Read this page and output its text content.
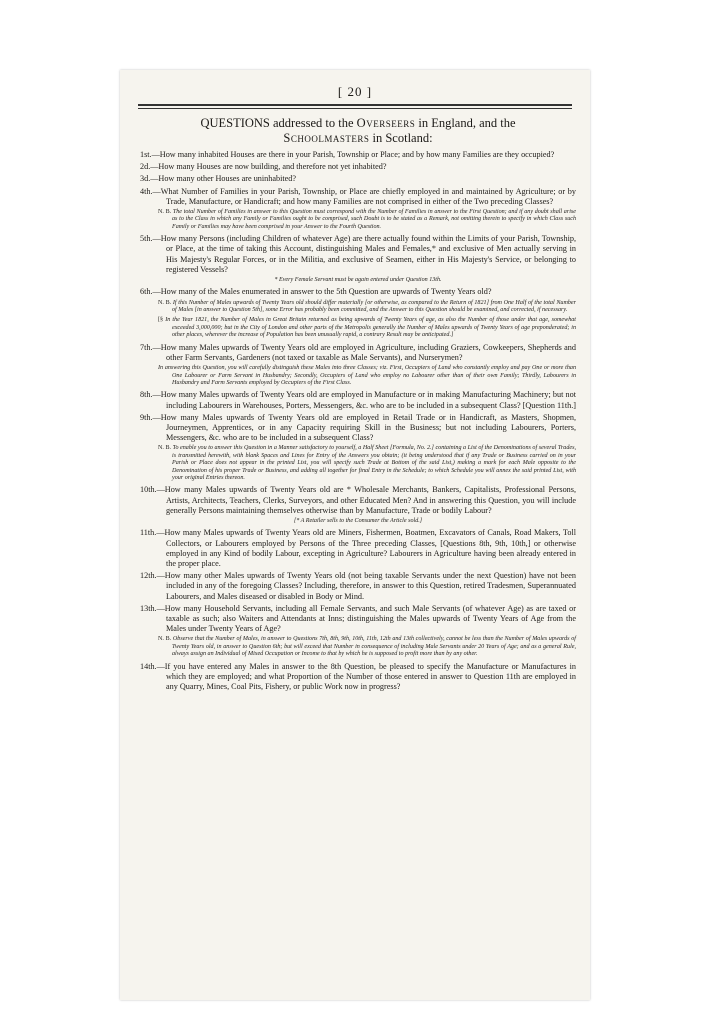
[ 20 ]
QUESTIONS addressed to the Overseers in England, and the
Schoolmasters in Scotland:

1st.—How many inhabited Houses are there in your Parish, Township or Place; and by how many Families are they occupied?

2d.—How many Houses are now building, and therefore not yet inhabited?

3d.—How many other Houses are uninhabited?

4th.—What Number of Families in your Parish, Township, or Place are chiefly employed in and maintained by Agriculture; or by Trade, Manufacture, or Handicraft; and how many Families are not comprised in either of the Two preceding Classes?

N. B. The total Number of Families in answer to this Question must correspond with the Number of Families in answer to the First Question; and if any doubt shall arise as to the Class in which any Family or Families ought to be comprised, such Doubt is to be stated as a Remark, not omitting therein to specify in which Class such Family or Families may have been comprised in your Answer to the Fourth Question.

5th.—How many Persons (including Children of whatever Age) are there actually found within the Limits of your Parish, Township, or Place, at the time of taking this Account, distinguishing Males and Females,* and exclusive of Men actually serving in His Majesty's Regular Forces, or in the Militia, and exclusive of Seamen, either in His Majesty's Service, or belonging to registered Vessels?

* Every Female Servant must be again entered under Question 13th.

6th.—How many of the Males enumerated in answer to the 5th Question are upwards of Twenty Years old?

N. B. If this Number of Males upwards of Twenty Years old should differ materially [or otherwise, as compared to the Return of 1821] from One Half of the total Number of Males [in answer to Question 5th], some Error has probably been committed, and the Answer to this Question should be examined, and corrected, if necessary.

[§ In the Year 1821, the Number of Males in Great Britain returned as being upwards of Twenty Years of age, as also the Number of those under that age, somewhat exceeded 3,000,000; but in the City of London and other parts of the Metropolis generally the Number of Males upwards of Twenty Years of age preponderated; in other places, wherever the increase of Population has been unusually rapid, a contrary Result may be anticipated.]

7th.—How many Males upwards of Twenty Years old are employed in Agriculture, including Graziers, Cowkeepers, Shepherds and other Farm Servants, Gardeners (not taxed or taxable as Male Servants), and Nurserymen?

In answering this Question, you will carefully distinguish these Males into three Classes; viz. First, Occupiers of Land who constantly employ and pay One or more than One Labourer or Farm Servant in Husbandry; Secondly, Occupiers of Land who employ no Labourer other than of their own Family; Thirdly, Labourers in Husbandry and Farm Servants employed by Occupiers of the First Class.

8th.—How many Males upwards of Twenty Years old are employed in Manufacture or in making Manufacturing Machinery; but not including Labourers in Warehouses, Porters, Messengers, &c. who are to be included in a subsequent Class? [Question 11th.]

9th.—How many Males upwards of Twenty Years old are employed in Retail Trade or in Handicraft, as Masters, Shopmen, Journeymen, Apprentices, or in any Capacity requiring Skill in the Business; but not including Labourers, Porters, Messengers, &c. who are to be included in a subsequent Class?

N. B. To enable you to answer this Question in a Manner satisfactory to yourself, a Half Sheet [Formula, No. 2.] containing a List of the Denominations of several Trades, is transmitted herewith, with blank Spaces and Lines for Entry of the Answers you obtain; (it being understood that if any Trade or Business carried on in your Parish or Place does not appear in the printed List, you will specify such Trade at Bottom of the said List,) making a mark for each Male opposite to the Denomination of his proper Trade or Business, and adding all together for final Entry in the Schedule; to which Schedule you will annex the said printed List, with your original Entries thereon.

10th.—How many Males upwards of Twenty Years old are * Wholesale Merchants, Bankers, Capitalists, Professional Persons, Artists, Architects, Teachers, Clerks, Surveyors, and other Educated Men? And in answering this Question, you will include generally Persons maintaining themselves otherwise than by Manufacture, Trade or bodily Labour?

[* A Retailer sells to the Consumer the Article sold.]

11th.—How many Males upwards of Twenty Years old are Miners, Fishermen, Boatmen, Excavators of Canals, Road Makers, Toll Collectors, or Labourers employed by Persons of the Three preceding Classes, [Questions 8th, 9th, 10th,] or otherwise employed in any Kind of bodily Labour, excepting in Agriculture? Labourers in Agriculture having been already entered in the proper place.

12th.—How many other Males upwards of Twenty Years old (not being taxable Servants under the next Question) have not been included in any of the foregoing Classes? Including, therefore, in answer to this Question, retired Tradesmen, Superannuated Labourers, and Males diseased or disabled in Body or Mind.

13th.—How many Household Servants, including all Female Servants, and such Male Servants (of whatever Age) as are taxed or taxable as such; also Waiters and Attendants at Inns; distinguishing the Males upwards of Twenty Years of Age from the Males under Twenty Years of Age?

N. B. Observe that the Number of Males, in answer to Questions 7th, 8th, 9th, 10th, 11th, 12th and 13th collectively, cannot be less than the Number of Males upwards of Twenty Years old, in answer to Question 6th; but will exceed that Number in consequence of including Male Servants under 20 Years of Age; and as a general Rule, always assign an Individual of Mixed Occupation or Income to that by which he is supposed to profit more than by any other.

14th.—If you have entered any Males in answer to the 8th Question, be pleased to specify the Manufacture or Manufactures in which they are employed; and what Proportion of the Number of those entered in answer to Question 11th are employed in any Quarry, Mines, Coal Pits, Fishery, or public Work now in progress?
